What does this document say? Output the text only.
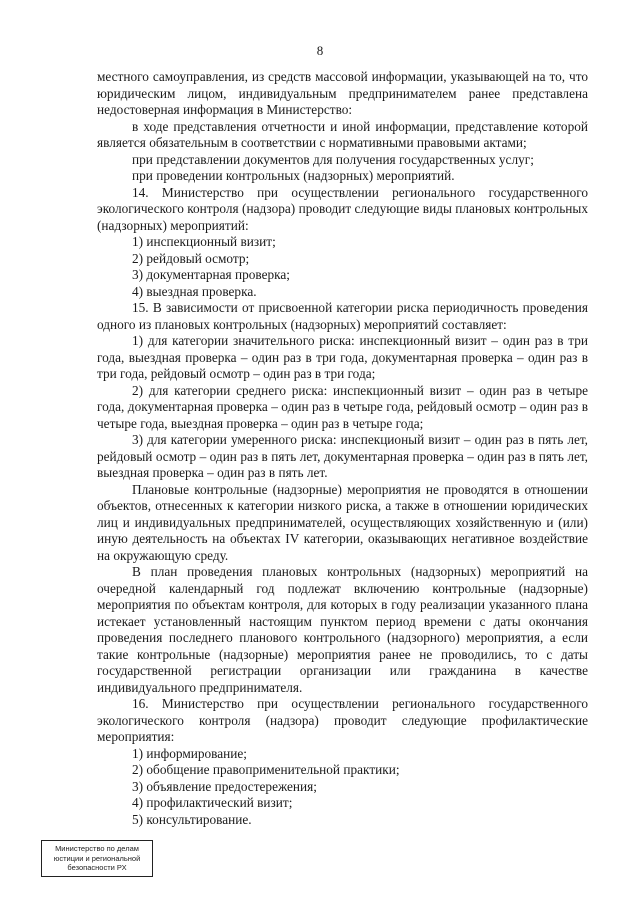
8

местного самоуправления, из средств массовой информации, указывающей на то, что юридическим лицом, индивидуальным предпринимателем ранее представлена недостоверная информация в Министерство:

в ходе представления отчетности и иной информации, представление которой является обязательным в соответствии с нормативными правовыми актами;

при представлении документов для получения государственных услуг;

при проведении контрольных (надзорных) мероприятий.

14. Министерство при осуществлении регионального государственного экологического контроля (надзора) проводит следующие виды плановых контрольных (надзорных) мероприятий:

1) инспекционный визит;

2) рейдовый осмотр;

3) документарная проверка;

4) выездная проверка.

15. В зависимости от присвоенной категории риска периодичность проведения одного из плановых контрольных (надзорных) мероприятий составляет:

1) для категории значительного риска: инспекционный визит – один раз в три года, выездная проверка – один раз в три года, документарная проверка – один раз в три года, рейдовый осмотр – один раз в три года;

2) для категории среднего риска: инспекционный визит – один раз в четыре года, документарная проверка – один раз в четыре года, рейдовый осмотр – один раз в четыре года, выездная проверка – один раз в четыре года;

3) для категории умеренного риска: инспекционый визит – один раз в пять лет, рейдовый осмотр – один раз в пять лет, документарная проверка – один раз в пять лет, выездная проверка – один раз в пять лет.

Плановые контрольные (надзорные) мероприятия не проводятся в отношении объектов, отнесенных к категории низкого риска, а также в отношении юридических лиц и индивидуальных предпринимателей, осуществляющих хозяйственную и (или) иную деятельность на объектах IV категории, оказывающих негативное воздействие на окружающую среду.

В план проведения плановых контрольных (надзорных) мероприятий на очередной календарный год подлежат включению контрольные (надзорные) мероприятия по объектам контроля, для которых в году реализации указанного плана истекает установленный настоящим пунктом период времени с даты окончания проведения последнего планового контрольного (надзорного) мероприятия, а если такие контрольные (надзорные) мероприятия ранее не проводились, то с даты государственной регистрации организации или гражданина в качестве индивидуального предпринимателя.

16. Министерство при осуществлении регионального государственного экологического контроля (надзора) проводит следующие профилактические мероприятия:

1) информирование;

2) обобщение правоприменительной практики;

3) объявление предостережения;

4) профилактический визит;

5) консультирование.

Министерство по делам
юстиции и региональной
безопасности РХ
